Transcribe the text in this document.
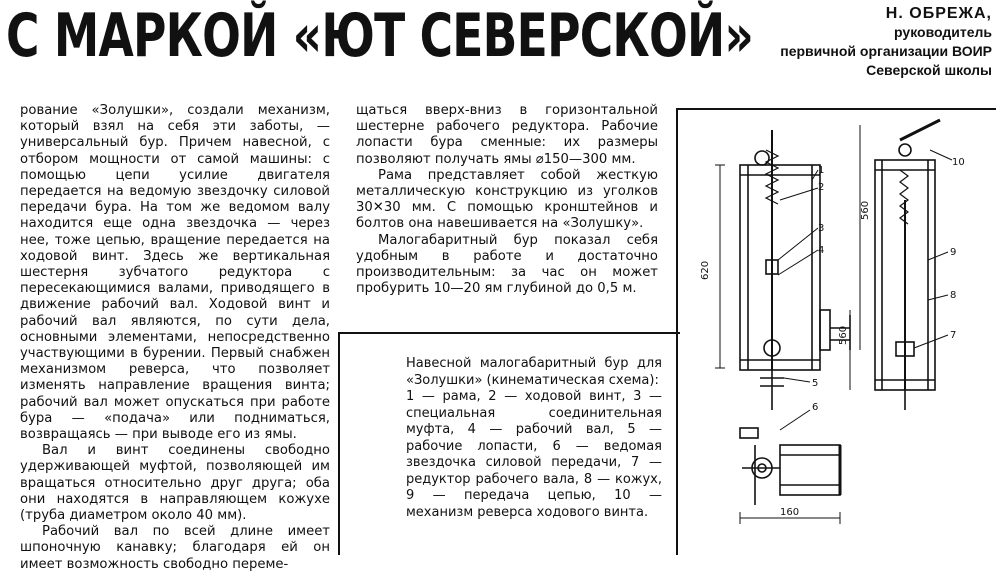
С МАРКОЙ «ЮТ СЕВЕРСКОЙ»	Н. ОБРЕЖА,
руководитель
первичной организации ВОИР
Северской школы

рование «Золушки», создали механизм, который взял на себя эти заботы, — универсальный бур. Причем навесной, с отбором мощности от самой машины: с помощью цепи усилие двигателя передается на ведомую звездочку силовой передачи бура. На том же ведомом валу находится еще одна звездочка — через нее, тоже цепью, вращение передается на ходовой винт. Здесь же вертикальная шестерня зубчатого редуктора с пересекающимися валами, приводящего в движение рабочий вал. Ходовой винт и рабочий вал являются, по сути дела, основными элементами, непосредственно участвующими в бурении. Первый снабжен механизмом реверса, что позволяет изменять направление вращения винта; рабочий вал может опускаться при работе бура — «подача» или подниматься, возвращаясь — при выводе его из ямы.

Вал и винт соединены свободно удерживающей муфтой, позволяющей им вращаться относительно друг друга; оба они находятся в направляющем кожухе (труба диаметром около 40 мм).

Рабочий вал по всей длине имеет шпоночную канавку; благодаря ей он имеет возможность свободно переме-

щаться вверх-вниз в горизонтальной шестерне рабочего редуктора. Рабочие лопасти бура сменные: их размеры позволяют получать ямы ⌀150—300 мм.

Рама представляет собой жесткую металлическую конструкцию из уголков 30✕30 мм. С помощью кронштейнов и болтов она навешивается на «Золушку».

Малогабаритный бур показал себя удобным в работе и достаточно производительным: за час он может пробурить 10—20 ям глубиной до 0,5 м.

Навесной малогабаритный бур для «Золушки» (кинематическая схема):

1 — рама, 2 — ходовой винт, 3 — специальная соединительная муфта, 4 — рабочий вал, 5 — рабочие лопасти, 6 — ведомая звездочка силовой передачи, 7 — редуктор рабочего вала, 8 — кожух, 9 — передача цепью, 10 — механизм реверса ходового винта.

620
1
2
3
4
5
6
560
560
10
9
8
7
160
